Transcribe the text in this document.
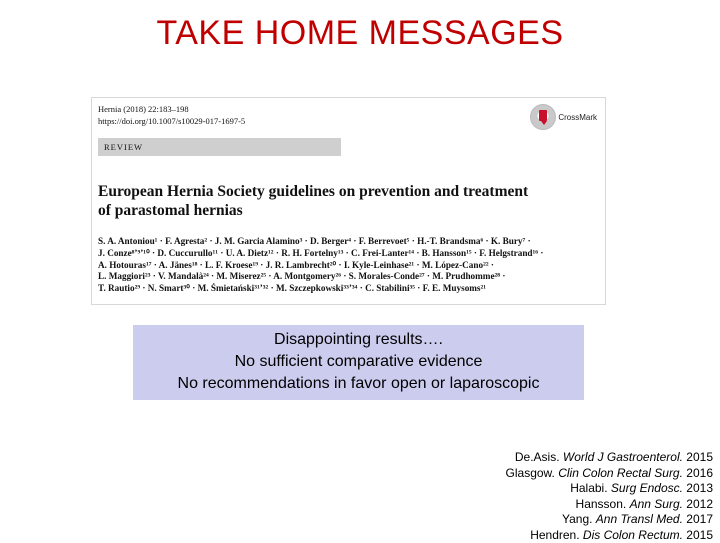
TAKE HOME MESSAGES
Hernia (2018) 22:183–198
https://doi.org/10.1007/s10029-017-1697-5	CrossMark
REVIEW
European Hernia Society guidelines on prevention and treatment
of parastomal hernias
S. A. Antoniou¹ · F. Agresta² · J. M. Garcia Alamino³ · D. Berger⁴ · F. Berrevoet⁵ · H.-T. Brandsma⁶ · K. Bury⁷ ·
J. Conze⁸ʼ⁹ʼ¹⁰ · D. Cuccurullo¹¹ · U. A. Dietz¹² · R. H. Fortelny¹³ · C. Frei-Lanter¹⁴ · B. Hansson¹⁵ · F. Helgstrand¹⁶ ·
A. Hotouras¹⁷ · A. Jänes¹⁸ · L. F. Kroese¹⁹ · J. R. Lambrecht²⁰ · I. Kyle-Leinhase²¹ · M. López-Cano²² ·
L. Maggiori²³ · V. Mandalà²⁴ · M. Miserez²⁵ · A. Montgomery²⁶ · S. Morales-Conde²⁷ · M. Prudhomme²⁸ ·
T. Rautio²⁹ · N. Smart³⁰ · M. Śmietański³¹ʼ³² · M. Szczepkowski³³ʼ³⁴ · C. Stabilini³⁵ · F. E. Muysoms²¹
Disappointing results….
No sufficient comparative evidence
No recommendations in favor open or laparoscopic
De.Asis. World J Gastroenterol. 2015
Glasgow. Clin Colon Rectal Surg. 2016
Halabi. Surg Endosc. 2013
Hansson. Ann Surg. 2012
Yang. Ann Transl Med. 2017
Hendren. Dis Colon Rectum. 2015
